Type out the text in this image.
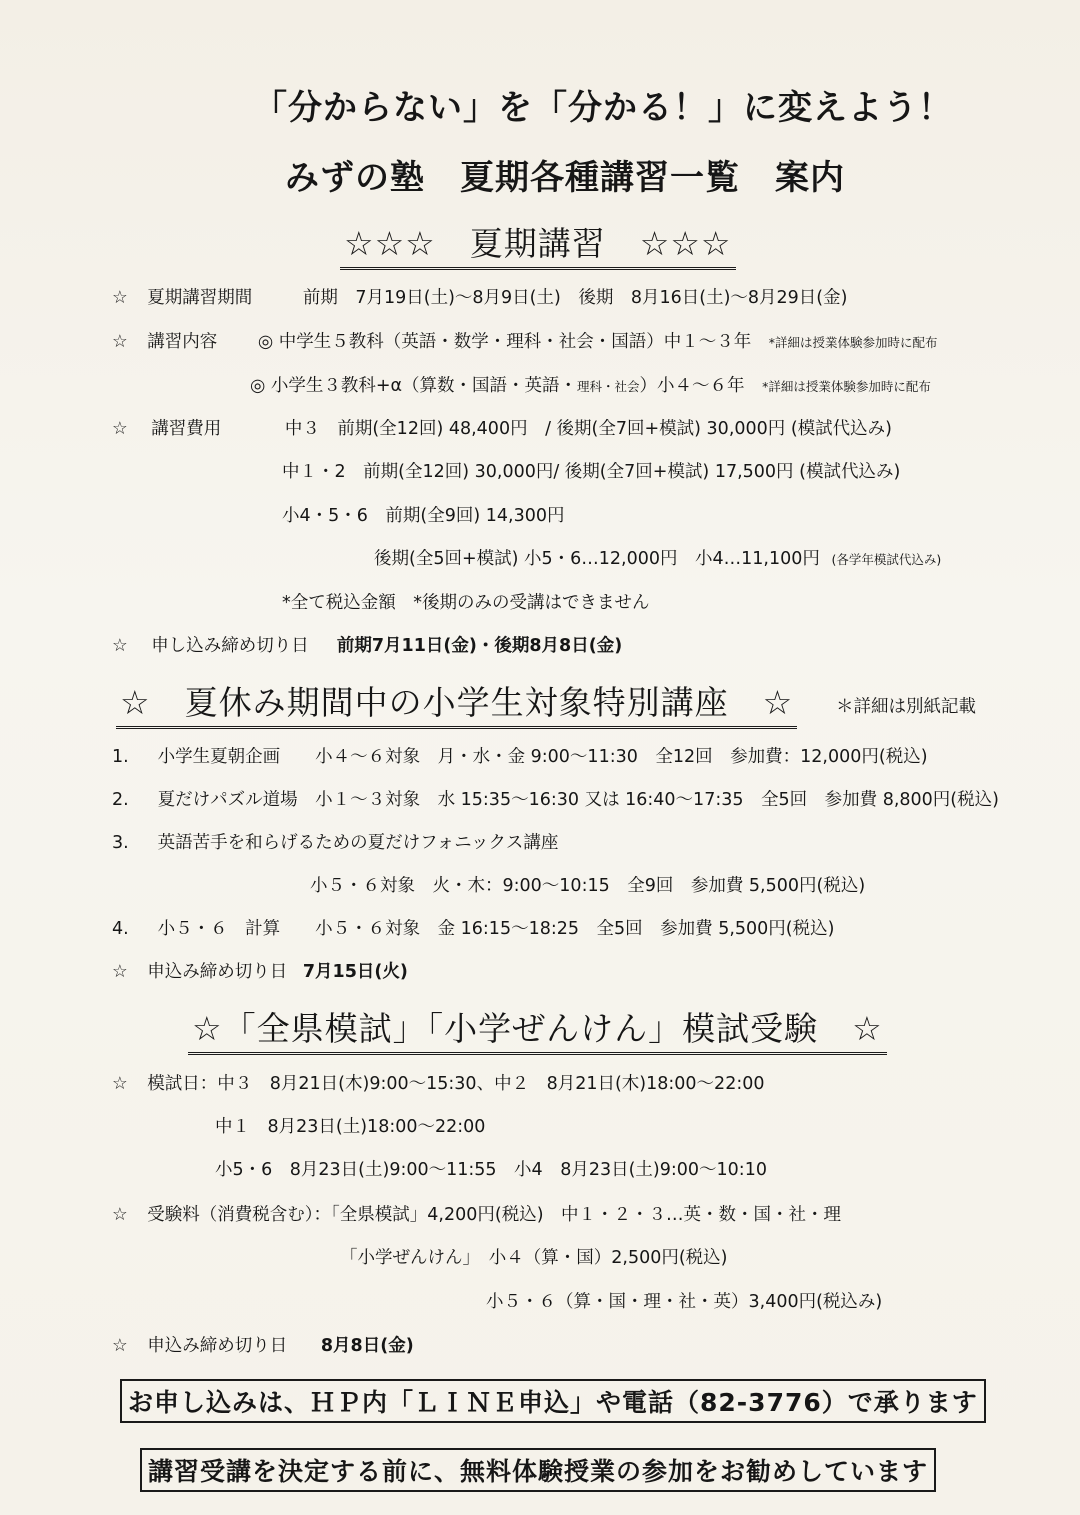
「分からない」を「分かる！」に変えよう！
みずの塾　夏期各種講習一覧　案内
☆☆☆　夏期講習　☆☆☆
☆ 夏期講習期間	前期　7月19日(土)～8月9日(土)　後期　8月16日(土)～8月29日(金)
☆ 講習内容 ◎ 中学生５教科（英語・数学・理科・社会・国語）中１～３年 *詳細は授業体験参加時に配布
◎ 小学生３教科+α（算数・国語・英語・理科・社会）小４～６年 *詳細は授業体験参加時に配布
☆ 講習費用	中３　前期(全12回) 48,400円　/ 後期(全7回+模試) 30,000円 (模試代込み)
中１・2　前期(全12回) 30,000円/ 後期(全7回+模試) 17,500円 (模試代込み)
小4・5・6　前期(全9回) 14,300円
後期(全5回+模試) 小5・6…12,000円　小4…11,100円 (各学年模試代込み)
*全て税込金額　*後期のみの受講はできません
☆ 申し込み締め切り日 前期7月11日(金)・後期8月8日(金)
☆　夏休み期間中の小学生対象特別講座　☆ ＊詳細は別紙記載
1. 小学生夏朝企画　　小４～６対象　月・水・金 9:00～11:30　全12回　参加費：12,000円(税込)
2. 夏だけパズル道場　小１～３対象　水 15:35～16:30 又は 16:40～17:35　全5回　参加費 8,800円(税込)
3. 英語苦手を和らげるための夏だけフォニックス講座
小５・６対象　火・木：9:00～10:15　全9回　参加費 5,500円(税込)
4. 小５・６　計算　　小５・６対象　金 16:15～18:25　全5回　参加費 5,500円(税込)
☆ 申込み締め切り日 7月15日(火)
☆「全県模試」「小学ぜんけん」模試受験　☆
☆ 模試日：中３　8月21日(木)9:00～15:30、中２　8月21日(木)18:00～22:00
中１　8月23日(土)18:00～22:00
小5・6　8月23日(土)9:00～11:55　小4　8月23日(土)9:00～10:10
☆ 受験料（消費税含む）：「全県模試」4,200円(税込)　中１・２・３…英・数・国・社・理
「小学ぜんけん」　小４（算・国）2,500円(税込)
小５・６（算・国・理・社・英）3,400円(税込み)
☆ 申込み締め切り日 8月8日(金)
お申し込みは、ＨＰ内「ＬＩＮＥ申込」や電話（82-3776）で承ります
講習受講を決定する前に、無料体験授業の参加をお勧めしています
